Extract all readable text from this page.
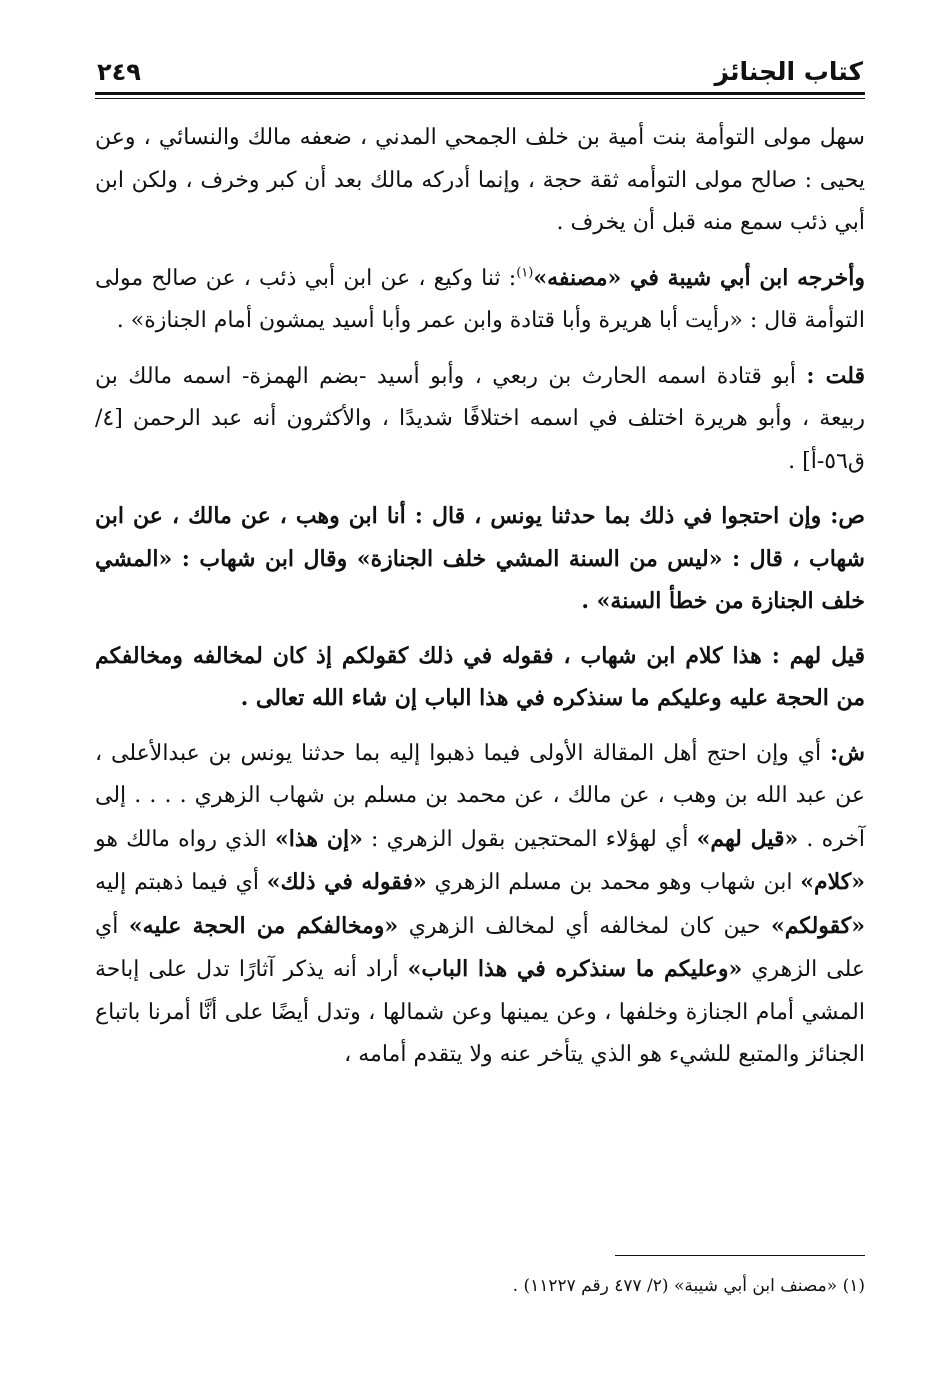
كتاب الجنائز
٢٤٩

سهل مولى التوأمة بنت أمية بن خلف الجمحي المدني ، ضعفه مالك والنسائي ، وعن يحيى : صالح مولى التوأمه ثقة حجة ، وإنما أدركه مالك بعد أن كبر وخرف ، ولكن ابن أبي ذئب سمع منه قبل أن يخرف .

وأخرجه ابن أبي شيبة في «مصنفه»$^{(١)}$: ثنا وكيع ، عن ابن أبي ذئب ، عن صالح مولى التوأمة قال : «رأيت أبا هريرة وأبا قتادة وابن عمر وأبا أسيد يمشون أمام الجنازة» .

قلت : أبو قتادة اسمه الحارث بن ربعي ، وأبو أسيد -بضم الهمزة- اسمه مالك بن ربيعة ، وأبو هريرة اختلف في اسمه اختلافًا شديدًا ، والأكثرون أنه عبد الرحمن [٤/ق٥٦-أ] .

ص: وإن احتجوا في ذلك بما حدثنا يونس ، قال : أنا ابن وهب ، عن مالك ، عن ابن شهاب ، قال : «ليس من السنة المشي خلف الجنازة» وقال ابن شهاب : «المشي خلف الجنازة من خطأ السنة» .

قيل لهم : هذا كلام ابن شهاب ، فقوله في ذلك كقولكم إذ كان لمخالفه ومخالفكم من الحجة عليه وعليكم ما سنذكره في هذا الباب إن شاء الله تعالى .

ش: أي وإن احتج أهل المقالة الأولى فيما ذهبوا إليه بما حدثنا يونس بن عبدالأعلى ، عن عبد الله بن وهب ، عن مالك ، عن محمد بن مسلم بن شهاب الزهري . . . . إلى آخره . «قيل لهم» أي لهؤلاء المحتجين بقول الزهري : «إن هذا» الذي رواه مالك هو «كلام» ابن شهاب وهو محمد بن مسلم الزهري «فقوله في ذلك» أي فيما ذهبتم إليه «كقولكم» حين كان لمخالفه أي لمخالف الزهري «ومخالفكم من الحجة عليه» أي على الزهري «وعليكم ما سنذكره في هذا الباب» أراد أنه يذكر آثارًا تدل على إباحة المشي أمام الجنازة وخلفها ، وعن يمينها وعن شمالها ، وتدل أيضًا على أنَّا أمرنا باتباع الجنائز والمتبع للشيء هو الذي يتأخر عنه ولا يتقدم أمامه ،

(١) «مصنف ابن أبي شيبة» (٢/ ٤٧٧ رقم ١١٢٢٧) .
